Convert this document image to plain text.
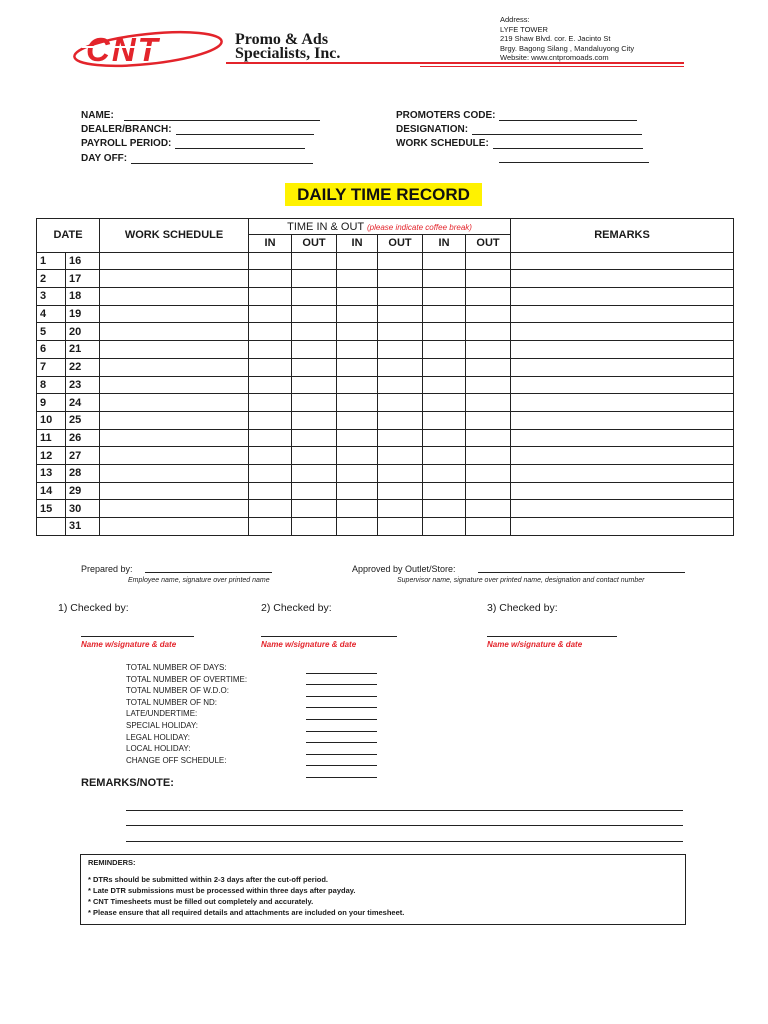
CNT	Promo & Ads
Specialists, Inc.
Address:
LYFE TOWER
219 Shaw Blvd. cor. E. Jacinto St
Brgy. Bagong Silang , Mandaluyong City
Website: www.cntpromoads.com
NAME:
DEALER/BRANCH:
PAYROLL PERIOD:
DAY OFF:
PROMOTERS CODE:
DESIGNATION:
WORK SCHEDULE:
DAILY TIME RECORD
DATE		WORK SCHEDULE	TIME IN & OUT (please indicate coffee break)						REMARKS
			IN	OUT	IN	OUT	IN	OUT	
1	16								
2	17								
3	18								
4	19								
5	20								
6	21								
7	22								
8	23								
9	24								
10	25								
11	26								
12	27								
13	28								
14	29								
15	30								
	31								
Prepared by:
Employee name, signature over printed name
Approved by Outlet/Store:
Supervisor name, signature over printed name, designation and contact number
1) Checked by:	2) Checked by:	3) Checked by:
Name w/signature & date	Name w/signature & date	Name w/signature & date
TOTAL NUMBER OF DAYS:
TOTAL NUMBER OF OVERTIME:
TOTAL NUMBER OF W.D.O:
TOTAL NUMBER OF ND:
LATE/UNDERTIME:
SPECIAL HOLIDAY:
LEGAL HOLIDAY:
LOCAL HOLIDAY:
CHANGE OFF SCHEDULE:
REMARKS/NOTE:
REMINDERS:
* DTRs should be submitted within 2-3 days after the cut-off period.
* Late DTR submissions must be processed within three days after payday.
* CNT Timesheets must be filled out completely and accurately.
* Please ensure that all required details and attachments are included on your timesheet.
